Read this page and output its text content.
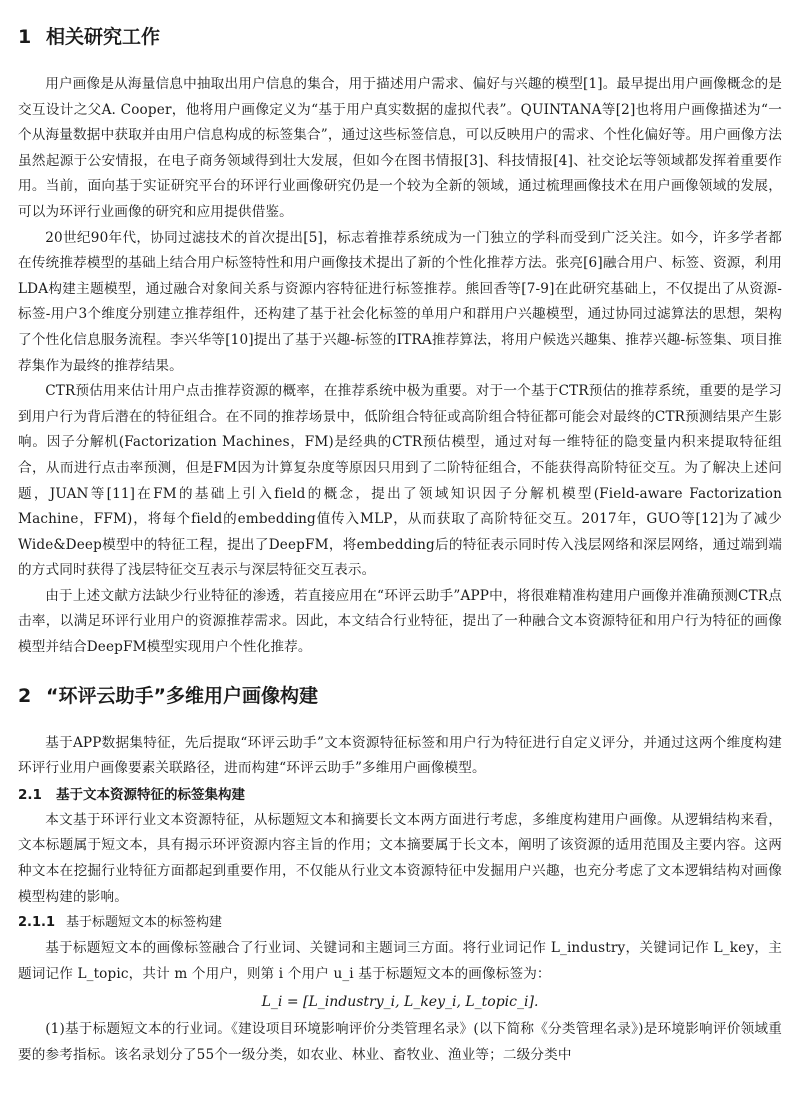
1 相关研究工作

用户画像是从海量信息中抽取出用户信息的集合，用于描述用户需求、偏好与兴趣的模型[1]。最早提出用户画像概念的是交互设计之父A. Cooper，他将用户画像定义为“基于用户真实数据的虚拟代表”。QUINTANA等[2]也将用户画像描述为“一个从海量数据中获取并由用户信息构成的标签集合”，通过这些标签信息，可以反映用户的需求、个性化偏好等。用户画像方法虽然起源于公安情报，在电子商务领域得到壮大发展，但如今在图书情报[3]、科技情报[4]、社交论坛等领域都发挥着重要作用。当前，面向基于实证研究平台的环评行业画像研究仍是一个较为全新的领域，通过梳理画像技术在用户画像领域的发展，可以为环评行业画像的研究和应用提供借鉴。

20世纪90年代，协同过滤技术的首次提出[5]，标志着推荐系统成为一门独立的学科而受到广泛关注。如今，许多学者都在传统推荐模型的基础上结合用户标签特性和用户画像技术提出了新的个性化推荐方法。张亮[6]融合用户、标签、资源，利用LDA构建主题模型，通过融合对象间关系与资源内容特征进行标签推荐。熊回香等[7-9]在此研究基础上，不仅提出了从资源-标签-用户3个维度分别建立推荐组件，还构建了基于社会化标签的单用户和群用户兴趣模型，通过协同过滤算法的思想，架构了个性化信息服务流程。李兴华等[10]提出了基于兴趣-标签的ITRA推荐算法，将用户候选兴趣集、推荐兴趣-标签集、项目推荐集作为最终的推荐结果。

CTR预估用来估计用户点击推荐资源的概率，在推荐系统中极为重要。对于一个基于CTR预估的推荐系统，重要的是学习到用户行为背后潜在的特征组合。在不同的推荐场景中，低阶组合特征或高阶组合特征都可能会对最终的CTR预测结果产生影响。因子分解机(Factorization Machines，FM)是经典的CTR预估模型，通过对每一维特征的隐变量内积来提取特征组合，从而进行点击率预测，但是FM因为计算复杂度等原因只用到了二阶特征组合，不能获得高阶特征交互。为了解决上述问题，JUAN等[11]在FM的基础上引入field的概念，提出了领域知识因子分解机模型(Field-aware Factorization Machine，FFM)，将每个field的embedding值传入MLP，从而获取了高阶特征交互。2017年，GUO等[12]为了减少Wide&Deep模型中的特征工程，提出了DeepFM，将embedding后的特征表示同时传入浅层网络和深层网络，通过端到端的方式同时获得了浅层特征交互表示与深层特征交互表示。

由于上述文献方法缺少行业特征的渗透，若直接应用在“环评云助手”APP中，将很难精准构建用户画像并准确预测CTR点击率，以满足环评行业用户的资源推荐需求。因此，本文结合行业特征，提出了一种融合文本资源特征和用户行为特征的画像模型并结合DeepFM模型实现用户个性化推荐。

2 “环评云助手”多维用户画像构建

基于APP数据集特征，先后提取“环评云助手”文本资源特征标签和用户行为特征进行自定义评分，并通过这两个维度构建环评行业用户画像要素关联路径，进而构建“环评云助手”多维用户画像模型。

2.1 基于文本资源特征的标签集构建

本文基于环评行业文本资源特征，从标题短文本和摘要长文本两方面进行考虑，多维度构建用户画像。从逻辑结构来看，文本标题属于短文本，具有揭示环评资源内容主旨的作用；文本摘要属于长文本，阐明了该资源的适用范围及主要内容。这两种文本在挖掘行业特征方面都起到重要作用，不仅能从行业文本资源特征中发掘用户兴趣，也充分考虑了文本逻辑结构对画像模型构建的影响。

2.1.1 基于标题短文本的标签构建

基于标题短文本的画像标签融合了行业词、关键词和主题词三方面。将行业词记作 L_industry，关键词记作 L_key，主题词记作 L_topic，共计 m 个用户，则第 i 个用户 u_i 基于标题短文本的画像标签为：

L_i = [L_industry_i, L_key_i, L_topic_i].

(1)基于标题短文本的行业词。《建设项目环境影响评价分类管理名录》(以下简称《分类管理名录》)是环境影响评价领域重要的参考指标。该名录划分了55个一级分类，如农业、林业、畜牧业、渔业等；二级分类中
